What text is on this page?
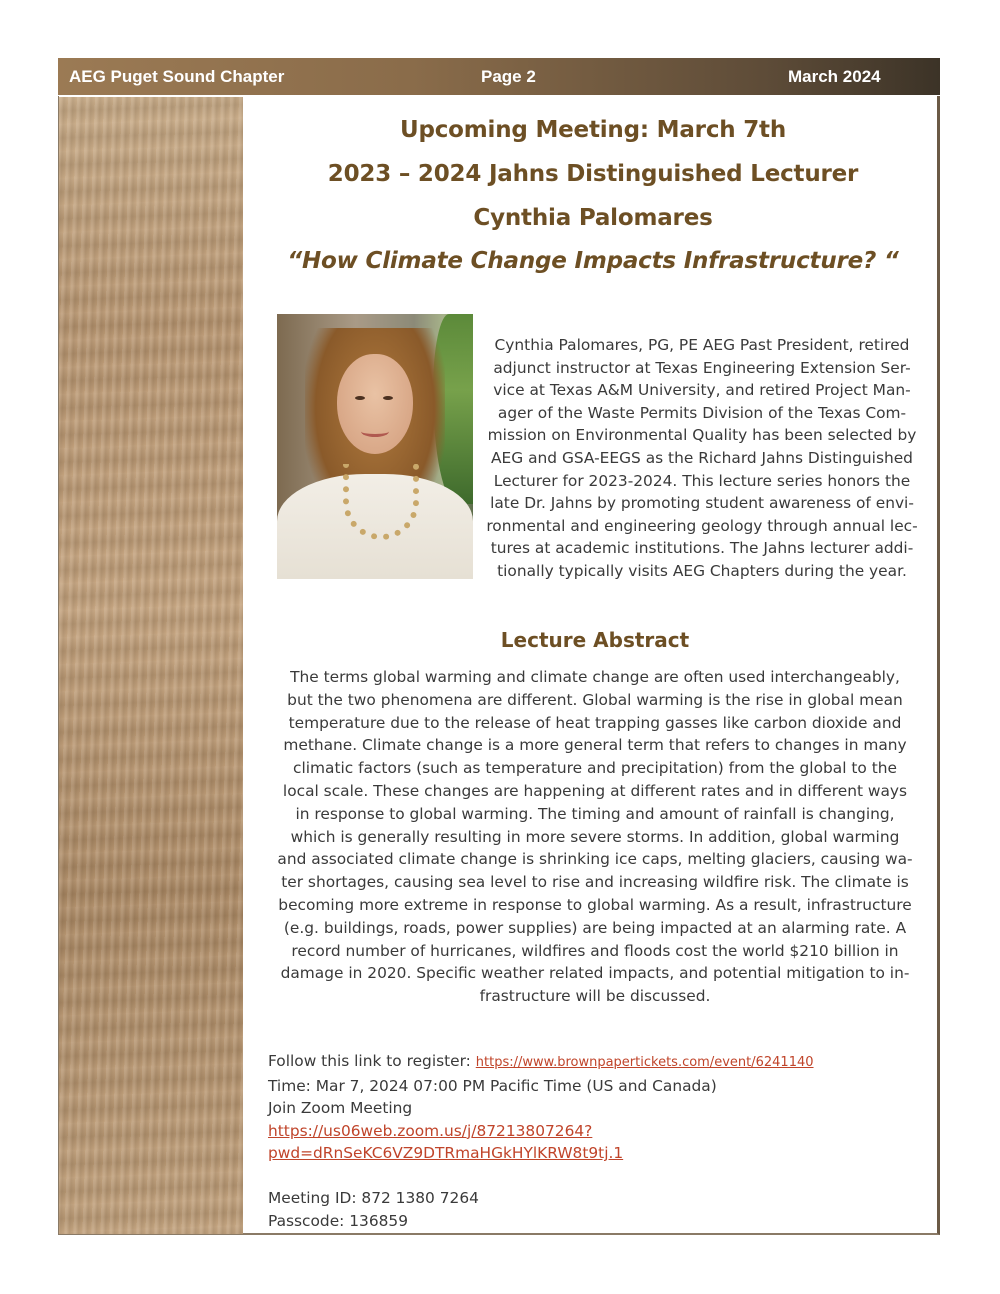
AEG Puget Sound Chapter	Page 2	March 2024
Upcoming Meeting: March 7th
2023 – 2024 Jahns Distinguished Lecturer
Cynthia Palomares
“How Climate Change Impacts Infrastructure? “
Cynthia Palomares, PG, PE AEG Past President, retired
adjunct instructor at Texas Engineering Extension Ser-
vice at Texas A&M University, and retired Project Man-
ager of the Waste Permits Division of the Texas Com-
mission on Environmental Quality has been selected by
AEG and GSA-EEGS as the Richard Jahns Distinguished
Lecturer for 2023-2024. This lecture series honors the
late Dr. Jahns by promoting student awareness of envi-
ronmental and engineering geology through annual lec-
tures at academic institutions. The Jahns lecturer addi-
tionally typically visits AEG Chapters during the year.
Lecture Abstract
The terms global warming and climate change are often used interchangeably,
but the two phenomena are different. Global warming is the rise in global mean
temperature due to the release of heat trapping gasses like carbon dioxide and
methane. Climate change is a more general term that refers to changes in many
climatic factors (such as temperature and precipitation) from the global to the
local scale. These changes are happening at different rates and in different ways
in response to global warming. The timing and amount of rainfall is changing,
which is generally resulting in more severe storms. In addition, global warming
and associated climate change is shrinking ice caps, melting glaciers, causing wa-
ter shortages, causing sea level to rise and increasing wildfire risk. The climate is
becoming more extreme in response to global warming. As a result, infrastructure
(e.g. buildings, roads, power supplies) are being impacted at an alarming rate. A
record number of hurricanes, wildfires and floods cost the world $210 billion in
damage in 2020. Specific weather related impacts, and potential mitigation to in-
frastructure will be discussed.
Follow this link to register: https://www.brownpapertickets.com/event/6241140
Time: Mar 7, 2024 07:00 PM Pacific Time (US and Canada)
Join Zoom Meeting
https://us06web.zoom.us/j/87213807264?
pwd=dRnSeKC6VZ9DTRmaHGkHYlKRW8t9tj.1
Meeting ID: 872 1380 7264
Passcode: 136859
